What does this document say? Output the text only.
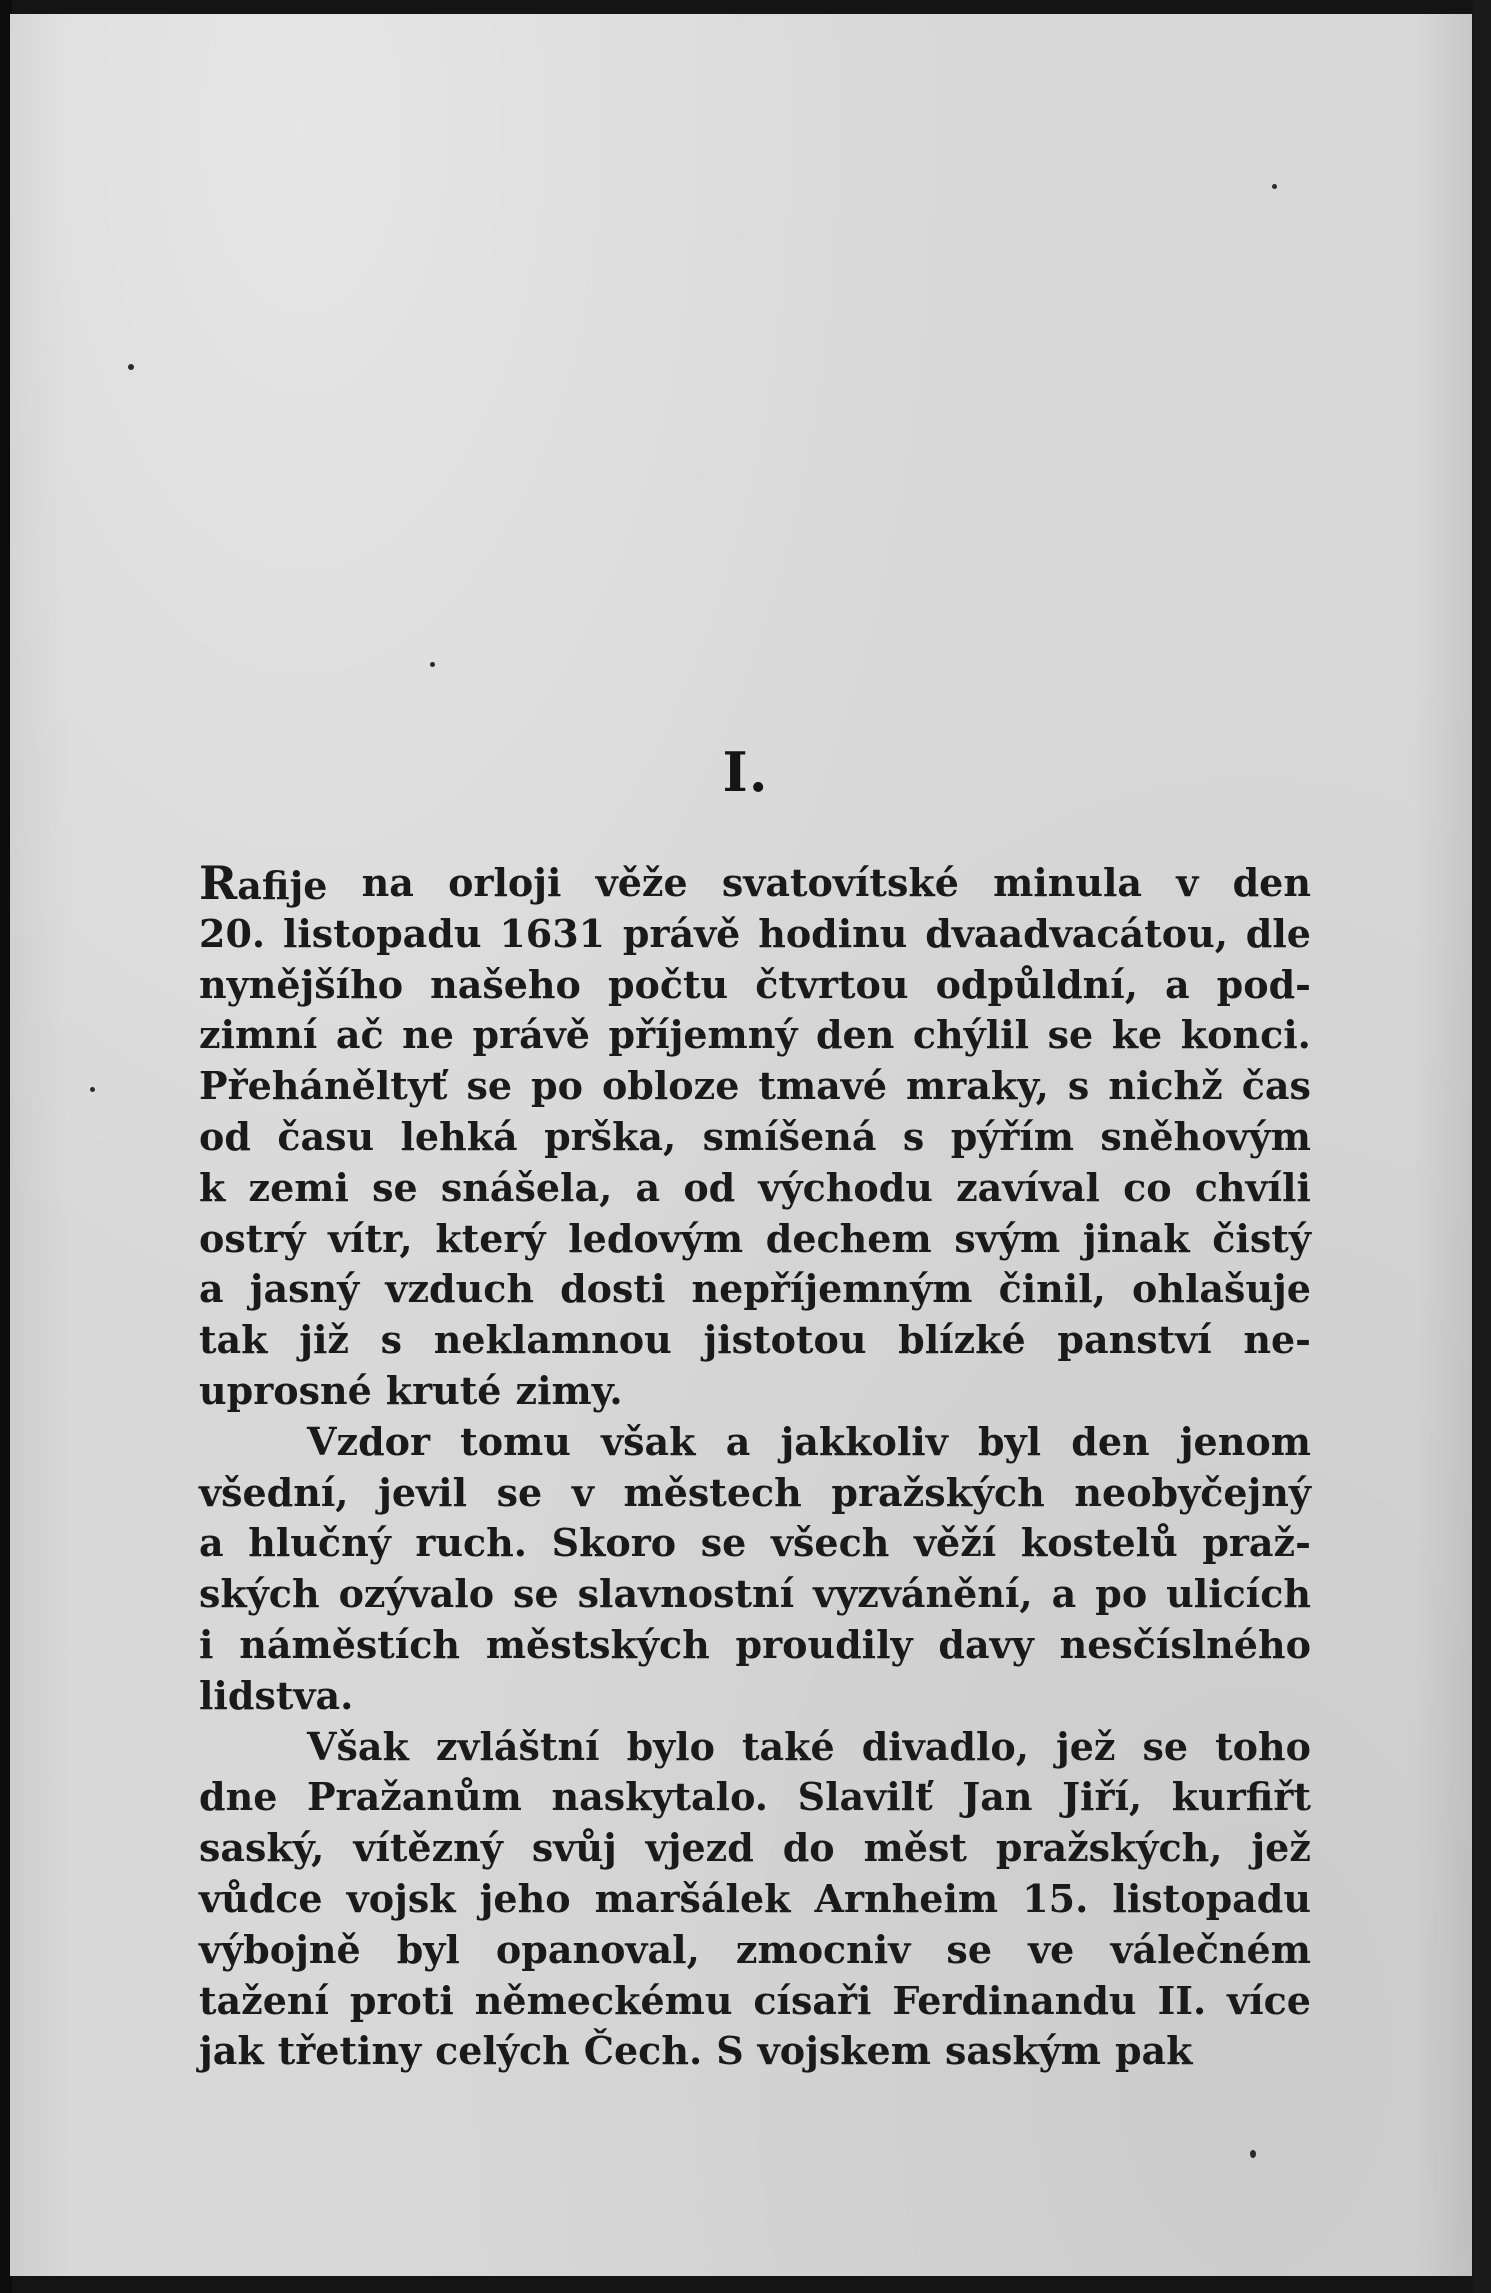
I.
Rafije na orloji věže svatovítské minula v den
20. listopadu 1631 právě hodinu dvaadvacátou, dle
nynějšího našeho počtu čtvrtou odpůldní, a pod-
zimní ač ne právě příjemný den chýlil se ke konci.
Přeháněltyť se po obloze tmavé mraky, s nichž čas
od času lehká prška, smíšená s pýřím sněhovým
k zemi se snášela, a od východu zavíval co chvíli
ostrý vítr, který ledovým dechem svým jinak čistý
a jasný vzduch dosti nepříjemným činil, ohlašuje
tak již s neklamnou jistotou blízké panství ne-
uprosné kruté zimy.
Vzdor tomu však a jakkoliv byl den jenom
všední, jevil se v městech pražských neobyčejný
a hlučný ruch. Skoro se všech věží kostelů praž-
ských ozývalo se slavnostní vyzvánění, a po ulicích
i náměstích městských proudily davy nesčíslného
lidstva.
Však zvláštní bylo také divadlo, jež se toho
dne Pražanům naskytalo. Slavilť Jan Jiří, kurfiřt
saský, vítězný svůj vjezd do měst pražských, jež
vůdce vojsk jeho maršálek Arnheim 15. listopadu
výbojně byl opanoval, zmocniv se ve válečném
tažení proti německému císaři Ferdinandu II. více
jak třetiny celých Čech. S vojskem saským pak
